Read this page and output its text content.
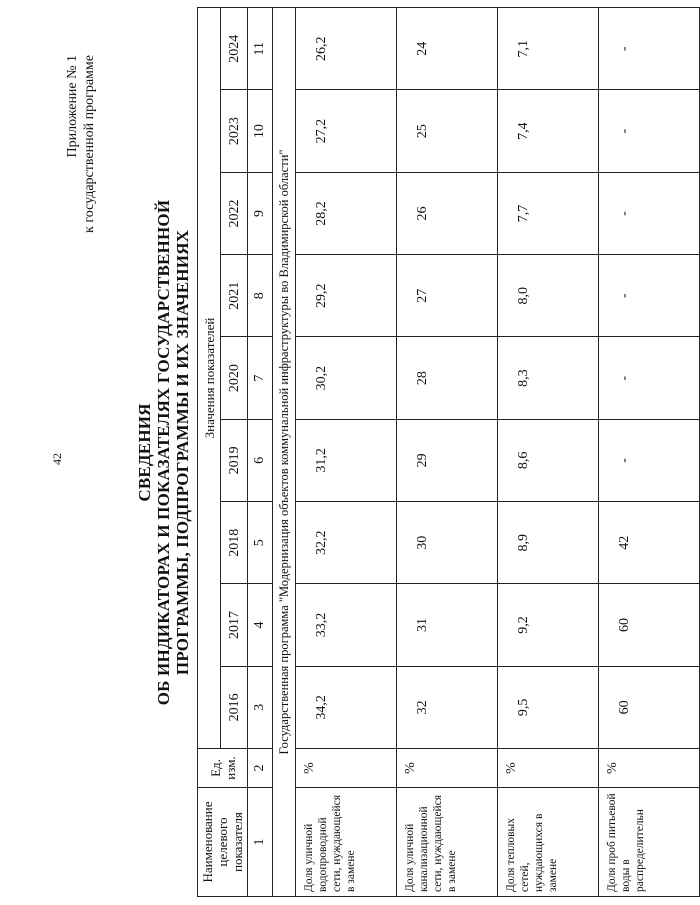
42
Приложение № 1 к государственной программе
СВЕДЕНИЯ ОБ ИНДИКАТОРАХ И ПОКАЗАТЕЛЯХ ГОСУДАРСТВЕННОЙ ПРОГРАММЫ, ПОДПРОГРАММЫ И ИХ ЗНАЧЕНИЯХ
Наименование целевого показателя	Ед. изм.	Значения показателей								
		2016	2017	2018	2019	2020	2021	2022	2023	2024
1	2	3	4	5	6	7	8	9	10	11
Государственная программа "Модернизация объектов коммунальной инфраструктуры во Владимирской области"										
Доля уличной водопроводной сети, нуждающейся в замене	%	34,2	33,2	32,2	31,2	30,2	29,2	28,2	27,2	26,2
Доля уличной канализационной сети, нуждающейся в замене	%	32	31	30	29	28	27	26	25	24
Доля тепловых сетей, нуждающихся в замене	%	9,5	9,2	8,9	8,6	8,3	8,0	7,7	7,4	7,1
Доля проб питьевой воды в распределительн	%	60	60	42	-	-	-	-	-	-
